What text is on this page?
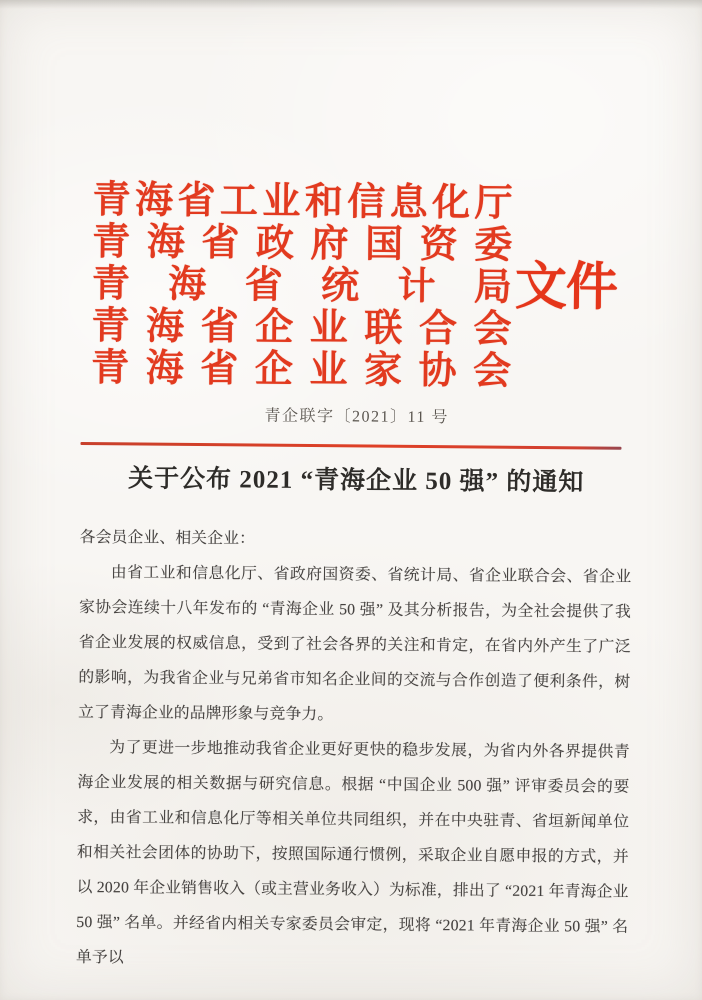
青海省工业和信息化厅
青海省政府国资委
青海省统计局
青海省企业联合会
青海省企业家协会
文件
青企联字〔2021〕11 号
关于公布 2021 “青海企业 50 强” 的通知

各会员企业、相关企业：

由省工业和信息化厅、省政府国资委、省统计局、省企业联合会、省企业家协会连续十八年发布的 “青海企业 50 强” 及其分析报告，为全社会提供了我省企业发展的权威信息，受到了社会各界的关注和肯定，在省内外产生了广泛的影响，为我省企业与兄弟省市知名企业间的交流与合作创造了便利条件，树立了青海企业的品牌形象与竞争力。

为了更进一步地推动我省企业更好更快的稳步发展，为省内外各界提供青海企业发展的相关数据与研究信息。根据 “中国企业 500 强” 评审委员会的要求，由省工业和信息化厅等相关单位共同组织，并在中央驻青、省垣新闻单位和相关社会团体的协助下，按照国际通行惯例，采取企业自愿申报的方式，并以 2020 年企业销售收入（或主营业务收入）为标准，排出了 “2021 年青海企业 50 强” 名单。并经省内相关专家委员会审定，现将 “2021 年青海企业 50 强” 名单予以
